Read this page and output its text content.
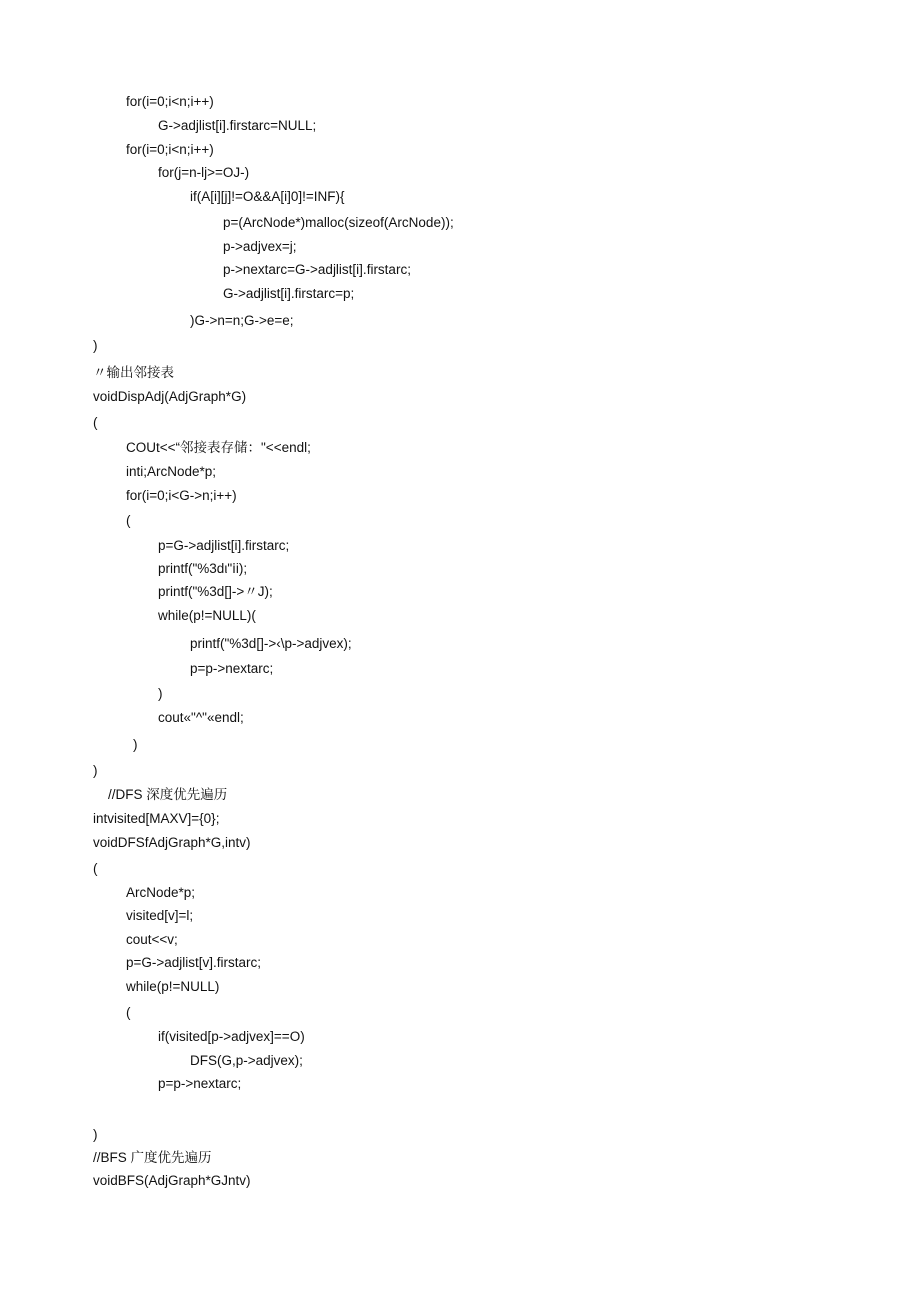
for(i=0;i<n;i++)
G->adjlist[i].firstarc=NULL;
for(i=0;i<n;i++)
for(j=n-lj>=OJ-)
if(A[i][j]!=O&&A[i]0]!=INF){
p=(ArcNode*)malloc(sizeof(ArcNode));
p->adjvex=j;
p->nextarc=G->adjlist[i].firstarc;
G->adjlist[i].firstarc=p;
)G->n=n;G->e=e;
)
〃输出邻接表
voidDispAdj(AdjGraph*G)
(
COUt<<“邻接表存储："<<endl;
inti;ArcNode*p;
for(i=0;i<G->n;i++)
(
p=G->adjlist[i].firstarc;
printf("%3dι"ⅰi);
printf("%3d[]->〃J);
while(p!=NULL)(
printf("%3d[]->‹\p->adjvex);
p=p->nextarc;
)
cout«"^"«endl;
)
)
//DFS 深度优先遍历
intvisited[MAXV]={0};
voidDFSfAdjGraph*G,intv)
(
ArcNode*p;
visited[v]=l;
cout<<v;
p=G->adjlist[v].firstarc;
while(p!=NULL)
(
if(visited[p->adjvex]==O)
DFS(G,p->adjvex);
p=p->nextarc;
)
//BFS 广度优先遍历
voidBFS(AdjGraph*GJntv)
